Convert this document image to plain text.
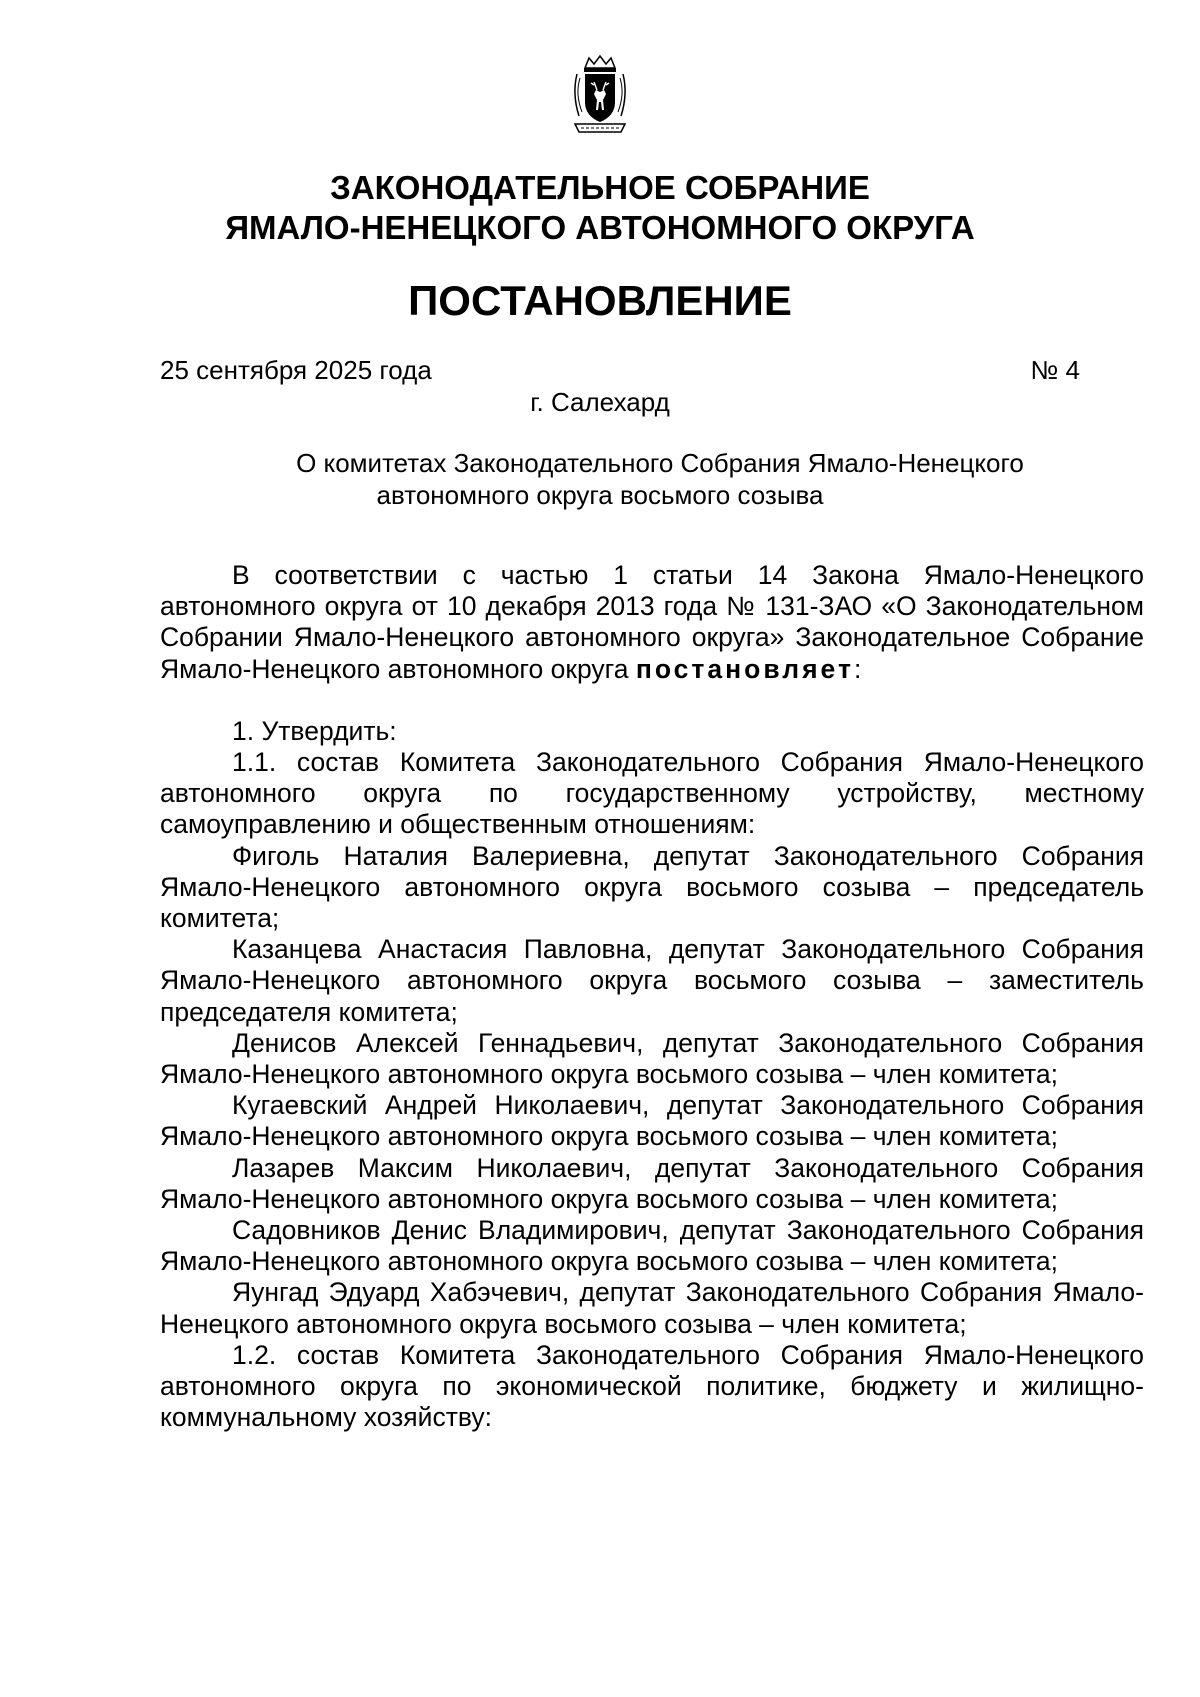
ЗАКОНОДАТЕЛЬНОЕ СОБРАНИЕ
ЯМАЛО-НЕНЕЦКОГО АВТОНОМНОГО ОКРУГА
ПОСТАНОВЛЕНИЕ
25 сентября 2025 года	№ 4
г. Салехард
О комитетах Законодательного Собрания Ямало-Ненецкого
автономного округа восьмого созыва

В соответствии с частью 1 статьи 14 Закона Ямало-Ненецкого автономного округа от 10 декабря 2013 года № 131-ЗАО «О Законодательном Собрании Ямало-Ненецкого автономного округа» Законодательное Собрание Ямало-Ненецкого автономного округа постановляет:

1. Утвердить:

1.1. состав Комитета Законодательного Собрания Ямало-Ненецкого автономного округа по государственному устройству, местному самоуправлению и общественным отношениям:

Фиголь Наталия Валериевна, депутат Законодательного Собрания Ямало-Ненецкого автономного округа восьмого созыва – председатель комитета;

Казанцева Анастасия Павловна, депутат Законодательного Собрания Ямало-Ненецкого автономного округа восьмого созыва – заместитель председателя комитета;

Денисов Алексей Геннадьевич, депутат Законодательного Собрания Ямало-Ненецкого автономного округа восьмого созыва – член комитета;

Кугаевский Андрей Николаевич, депутат Законодательного Собрания Ямало-Ненецкого автономного округа восьмого созыва – член комитета;

Лазарев Максим Николаевич, депутат Законодательного Собрания Ямало-Ненецкого автономного округа восьмого созыва – член комитета;

Садовников Денис Владимирович, депутат Законодательного Собрания Ямало-Ненецкого автономного округа восьмого созыва – член комитета;

Яунгад Эдуард Хабэчевич, депутат Законодательного Собрания Ямало-Ненецкого автономного округа восьмого созыва – член комитета;

1.2. состав Комитета Законодательного Собрания Ямало-Ненецкого автономного округа по экономической политике, бюджету и жилищно-коммунальному хозяйству:
